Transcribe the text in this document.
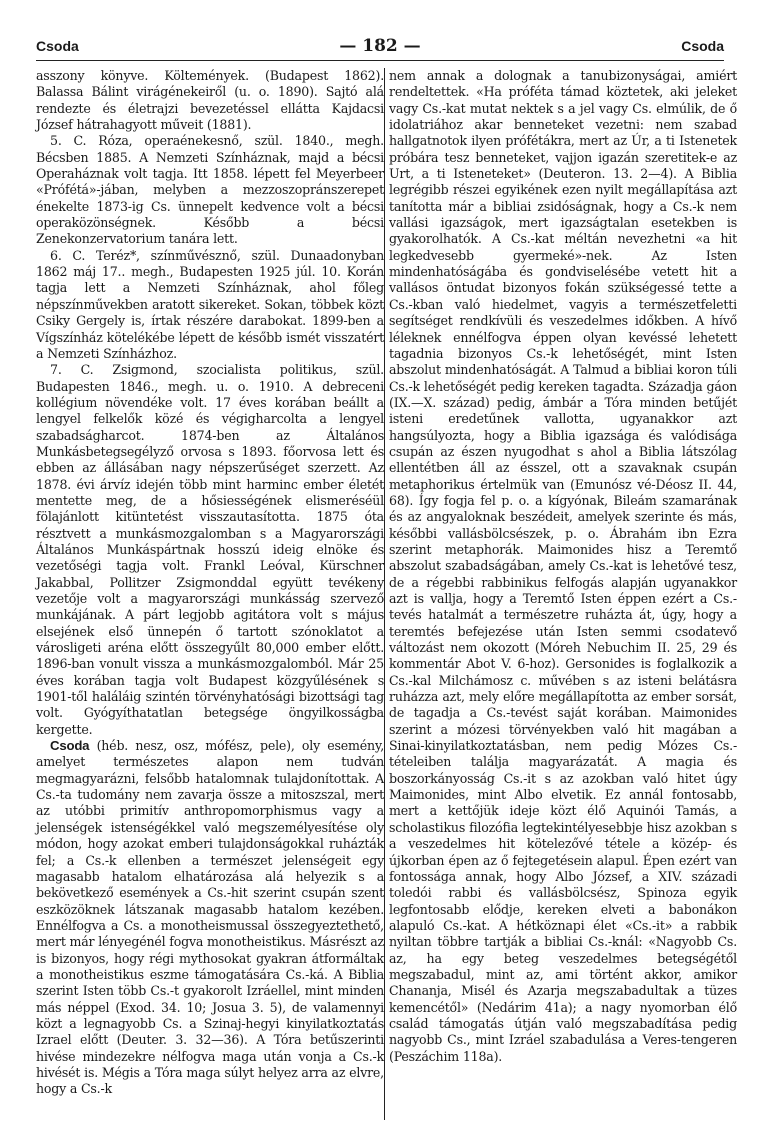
Csoda	— 182 —	Csoda

asszony könyve. Költemények. (Budapest 1862). Balassa Bálint virágénekeiről (u. o. 1890). Sajtó alá rendezte és életrajzi bevezetéssel ellátta Kajdacsi József hátrahagyott műveit (1881).

5. C. Róza, operaénekesnő, szül. 1840., megh. Bécsben 1885. A Nemzeti Színháznak, majd a bécsi Operaháznak volt tagja. Itt 1858. lépett fel Meyerbeer «Prófétá»-jában, melyben a mezzoszopránszerepet énekelte 1873-ig Cs. ünnepelt kedvence volt a bécsi operaközönségnek. Később a bécsi Zenekonzervatorium tanára lett.

6. C. Teréz*, színművésznő, szül. Dunaadonyban 1862 máj 17.. megh., Budapesten 1925 júl. 10. Korán tagja lett a Nemzeti Színháznak, ahol főleg népszínművekben aratott sikereket. Sokan, többek közt Csiky Gergely is, írtak részére darabokat. 1899-ben a Vígszínház kötelékébe lépett de később ismét visszatért a Nemzeti Színházhoz.

7. C. Zsigmond, szocialista politikus, szül. Budapesten 1846., megh. u. o. 1910. A debreceni kollégium növendéke volt. 17 éves korában beállt a lengyel felkelők közé és végigharcolta a lengyel szabadságharcot. 1874-ben az Általános Munkásbetegsegélyző orvosa s 1893. főorvosa lett és ebben az állásában nagy népszerűséget szerzett. Az 1878. évi árvíz idején több mint harminc ember életét mentette meg, de a hősiességének elismeréséül fölajánlott kitüntetést visszautasította. 1875 óta résztvett a munkásmozgalomban s a Magyarországi Általános Munkáspártnak hosszú ideig elnöke és vezetőségi tagja volt. Frankl Leóval, Kürschner Jakabbal, Pollitzer Zsigmonddal együtt tevékeny vezetője volt a magyarországi munkásság szervező munkájának. A párt legjobb agitátora volt s május elsejének első ünnepén ő tartott szónoklatot a városligeti aréna előtt összegyűlt 80,000 ember előtt. 1896-ban vonult vissza a munkásmozgalomból. Már 25 éves korában tagja volt Budapest közgyűlésének s 1901-től haláláig szintén törvényhatósági bizottsági tag volt. Gyógyíthatatlan betegsége öngyilkosságba kergette.

Csoda (héb. nesz, osz, mófész, pele), oly esemény, amelyet természetes alapon nem tudván megmagyarázni, felsőbb hatalomnak tulajdonítottak. A Cs.-ta tudomány nem zavarja össze a mitoszszal, mert az utóbbi primitív anthropomorphismus vagy a jelenségek istenségékkel való megszemélyesítése oly módon, hogy azokat emberi tulajdonságokkal ruházták fel; a Cs.-k ellenben a természet jelenségeit egy magasabb hatalom elhatározása alá helyezik s a bekövetkező események a Cs.-hit szerint csupán szent eszközöknek látszanak magasabb hatalom kezében. Ennélfogva a Cs. a monotheismussal összegyeztethető, mert már lényegénél fogva monotheistikus. Másrészt az is bizonyos, hogy régi mythosokat gyakran átformáltak a monotheistikus eszme támogatására Cs.-ká. A Biblia szerint Isten több Cs.-t gyakorolt Izráellel, mint minden más néppel (Exod. 34. 10; Josua 3. 5), de valamennyi közt a legnagyobb Cs. a Szinaj-hegyi kinyilatkoztatás Izrael előtt (Deuter. 3. 32—36). A Tóra betűszerinti hivése mindezekre nélfogva maga után vonja a Cs.-k hivését is. Mégis a Tóra maga súlyt helyez arra az elvre, hogy a Cs.-k

nem annak a dolognak a tanubizonyságai, amiért rendeltettek. «Ha próféta támad köztetek, aki jeleket vagy Cs.-kat mutat nektek s a jel vagy Cs. elmúlik, de ő idolatriához akar benneteket vezetni: nem szabad hallgatnotok ilyen prófétákra, mert az Úr, a ti Istenetek próbára tesz benneteket, vajjon igazán szeretitek-e az Urt, a ti Isteneteket» (Deuteron. 13. 2—4). A Biblia legrégibb részei egyikének ezen nyilt megállapítása azt tanította már a bibliai zsidóságnak, hogy a Cs.-k nem vallási igazságok, mert igazságtalan esetekben is gyakorolhatók. A Cs.-kat méltán nevezhetni «a hit legkedvesebb gyermeké»-nek. Az Isten mindenhatóságába és gondviselésébe vetett hit a vallásos öntudat bizonyos fokán szükségessé tette a Cs.-kban való hiedelmet, vagyis a természetfeletti segítséget rendkívüli és veszedelmes időkben. A hívő léleknek ennélfogva éppen olyan kevéssé lehetett tagadnia bizonyos Cs.-k lehetőségét, mint Isten abszolut mindenhatóságát. A Talmud a bibliai koron túli Cs.-k lehetőségét pedig kereken tagadta. Századja gáon (IX.—X. század) pedig, ámbár a Tóra minden betűjét isteni eredetűnek vallotta, ugyanakkor azt hangsúlyozta, hogy a Biblia igazsága és valódisága csupán az észen nyugodhat s ahol a Biblia látszólag ellentétben áll az ésszel, ott a szavaknak csupán metaphorikus értelmük van (Emunósz vé-Déosz II. 44, 68). Így fogja fel p. o. a kígyónak, Bileám szamarának és az angyaloknak beszédeit, amelyek szerinte és más, későbbi vallásbölcsészek, p. o. Ábrahám ibn Ezra szerint metaphorák. Maimonides hisz a Teremtő abszolut szabadságában, amely Cs.-kat is lehetővé tesz, de a régebbi rabbinikus felfogás alapján ugyanakkor azt is vallja, hogy a Teremtő Isten éppen ezért a Cs.-tevés hatalmát a természetre ruházta át, úgy, hogy a teremtés befejezése után Isten semmi csodatevő változást nem okozott (Móreh Nebuchim II. 25, 29 és kommentár Abot V. 6-hoz). Gersonides is foglalkozik a Cs.-kal Milchámosz c. művében s az isteni belátásra ruházza azt, mely előre megállapította az ember sorsát, de tagadja a Cs.-tevést saját korában. Maimonides szerint a mózesi törvényekben való hit magában a Sinai-kinyilatkoztatásban, nem pedig Mózes Cs.-tételeiben találja magyarázatát. A magia és boszorkányosság Cs.-it s az azokban való hitet úgy Maimonides, mint Albo elvetik. Ez annál fontosabb, mert a kettőjük ideje közt élő Aquinói Tamás, a scholastikus filozófia legtekintélyesebbje hisz azokban s a veszedelmes hit kötelezővé tétele a közép- és újkorban épen az ő fejtegetésein alapul. Épen ezért van fontossága annak, hogy Albo József, a XIV. századi toledói rabbi és vallásbölcsész, Spinoza egyik legfontosabb elődje, kereken elveti a babonákon alapuló Cs.-kat. A hétköznapi élet «Cs.-it» a rabbik nyiltan többre tartják a bibliai Cs.-knál: «Nagyobb Cs. az, ha egy beteg veszedelmes betegségétől megszabadul, mint az, ami történt akkor, amikor Chananja, Misél és Azarja megszabadultak a tüzes kemencétől» (Nedárim 41a); a nagy nyomorban élő család támogatás útján való megszabadítása pedig nagyobb Cs., mint Izráel szabadulása a Veres-tengeren (Peszáchim 118a).
